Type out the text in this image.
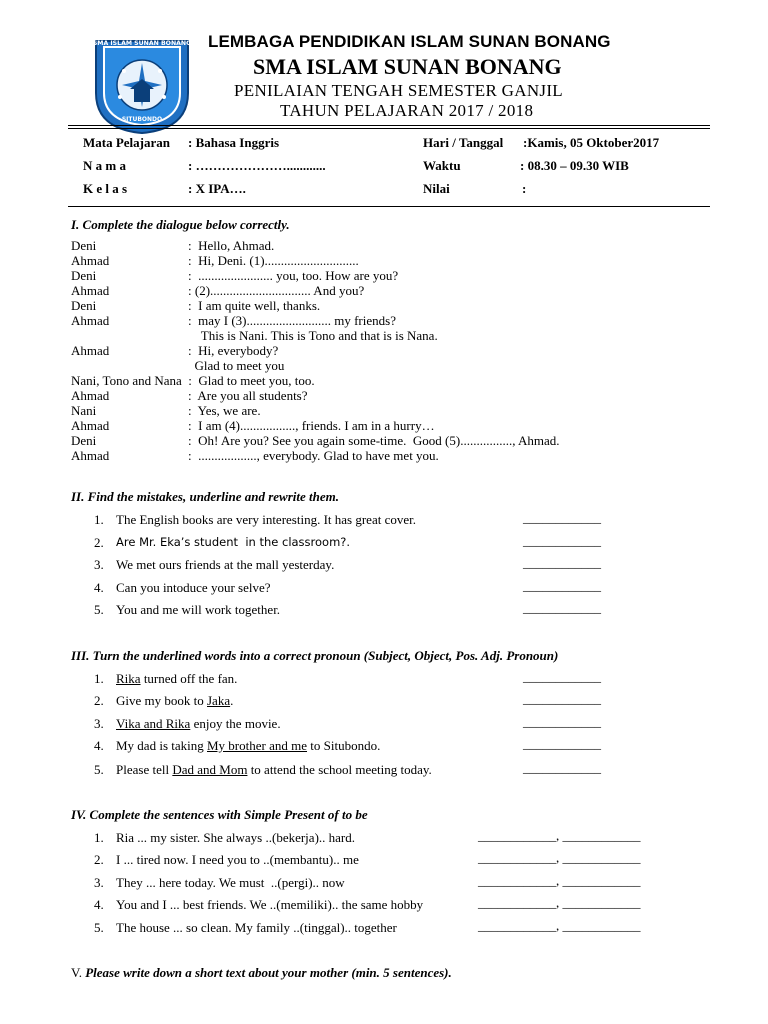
SMA ISLAM SUNAN BONANG
SITUBONDO
LEMBAGA PENDIDIKAN ISLAM SUNAN BONANG
SMA ISLAM SUNAN BONANG
PENILAIAN TENGAH SEMESTER GANJIL
TAHUN PELAJARAN 2017 / 2018
Mata Pelajaran : Bahasa Inggris
N a m a	: …………………............
K e l a s	: X IPA….
Hari / Tanggal :Kamis, 05 Oktober2017
Waktu	: 08.30 – 09.30 WIB
Nilai	:
I. Complete the dialogue below correctly.
Deni	:  Hello, Ahmad.
Ahmad	:  Hi, Deni. (1).............................
Deni	:  ....................... you, too. How are you?
Ahmad	: (2)............................... And you?
Deni	:  I am quite well, thanks.
Ahmad	:  may I (3).......................... my friends?
This is Nani. This is Tono and that is is Nana.
Ahmad	:  Hi, everybody?
Glad to meet you
Nani, Tono and Nana  :  Glad to meet you, too.
Ahmad	:  Are you all students?
Nani	:  Yes, we are.
Ahmad	:  I am (4)................., friends. I am in a hurry…
Deni	:  Oh! Are you? See you again some-time.  Good (5)................, Ahmad.
Ahmad	:  .................., everybody. Glad to have met you.
II. Find the mistakes, underline and rewrite them.
1. The English books are very interesting. It has great cover.	____________
2. Are Mr. Eka’s student  in the classroom?.	____________
3. We met ours friends at the mall yesterday.	____________
4. Can you intoduce your selve?	____________
5. You and me will work together.	____________
III. Turn the underlined words into a correct pronoun (Subject, Object, Pos. Adj. Pronoun)
1. Rika turned off the fan.	____________
2. Give my book to Jaka.	____________
3. Vika and Rika enjoy the movie.	____________
4. My dad is taking My brother and me to Situbondo.	____________
5. Please tell Dad and Mom to attend the school meeting today.	____________
IV. Complete the sentences with Simple Present of to be
1. Ria ... my sister. She always ..(bekerja).. hard.	____________, ____________
2. I ... tired now. I need you to ..(membantu).. me	____________, ____________
3. They ... here today. We must  ..(pergi).. now	____________, ____________
4. You and I ... best friends. We ..(memiliki).. the same hobby	____________, ____________
5. The house ... so clean. My family ..(tinggal).. together	____________, ____________
V. Please write down a short text about your mother (min. 5 sentences).
